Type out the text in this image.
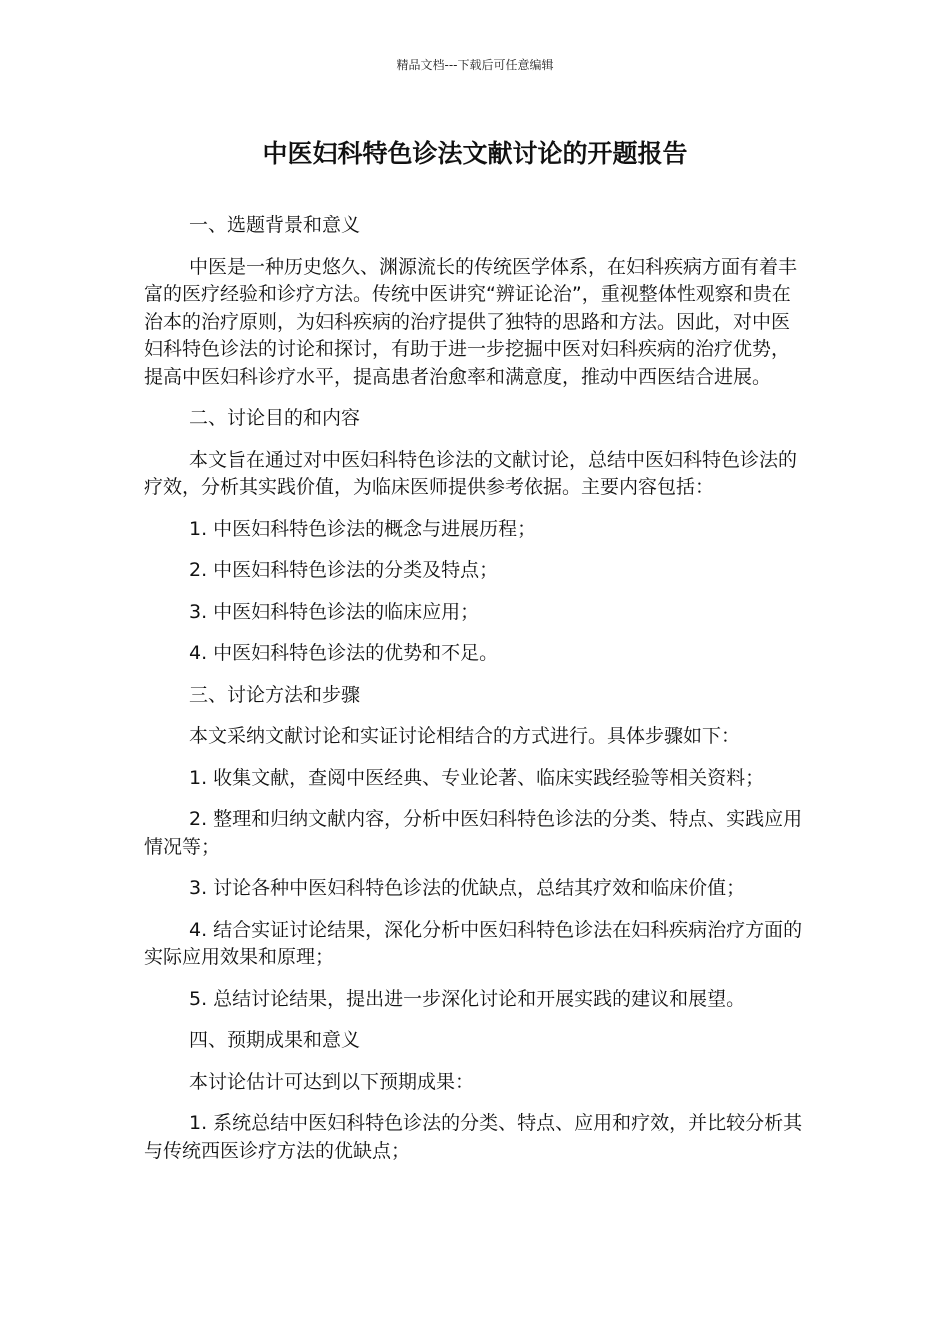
精品文档---下载后可任意编辑
中医妇科特色诊法文献讨论的开题报告

一、选题背景和意义

中医是一种历史悠久、渊源流长的传统医学体系，在妇科疾病方面有着丰富的医疗经验和诊疗方法。传统中医讲究“辨证论治”，重视整体性观察和贵在治本的治疗原则，为妇科疾病的治疗提供了独特的思路和方法。因此，对中医妇科特色诊法的讨论和探讨，有助于进一步挖掘中医对妇科疾病的治疗优势，提高中医妇科诊疗水平，提高患者治愈率和满意度，推动中西医结合进展。

二、讨论目的和内容

本文旨在通过对中医妇科特色诊法的文献讨论，总结中医妇科特色诊法的疗效，分析其实践价值，为临床医师提供参考依据。主要内容包括：

1. 中医妇科特色诊法的概念与进展历程；

2. 中医妇科特色诊法的分类及特点；

3. 中医妇科特色诊法的临床应用；

4. 中医妇科特色诊法的优势和不足。

三、讨论方法和步骤

本文采纳文献讨论和实证讨论相结合的方式进行。具体步骤如下：

1. 收集文献，查阅中医经典、专业论著、临床实践经验等相关资料；

2. 整理和归纳文献内容，分析中医妇科特色诊法的分类、特点、实践应用情况等；

3. 讨论各种中医妇科特色诊法的优缺点，总结其疗效和临床价值；

4. 结合实证讨论结果，深化分析中医妇科特色诊法在妇科疾病治疗方面的实际应用效果和原理；

5. 总结讨论结果，提出进一步深化讨论和开展实践的建议和展望。

四、预期成果和意义

本讨论估计可达到以下预期成果：

1. 系统总结中医妇科特色诊法的分类、特点、应用和疗效，并比较分析其与传统西医诊疗方法的优缺点；
